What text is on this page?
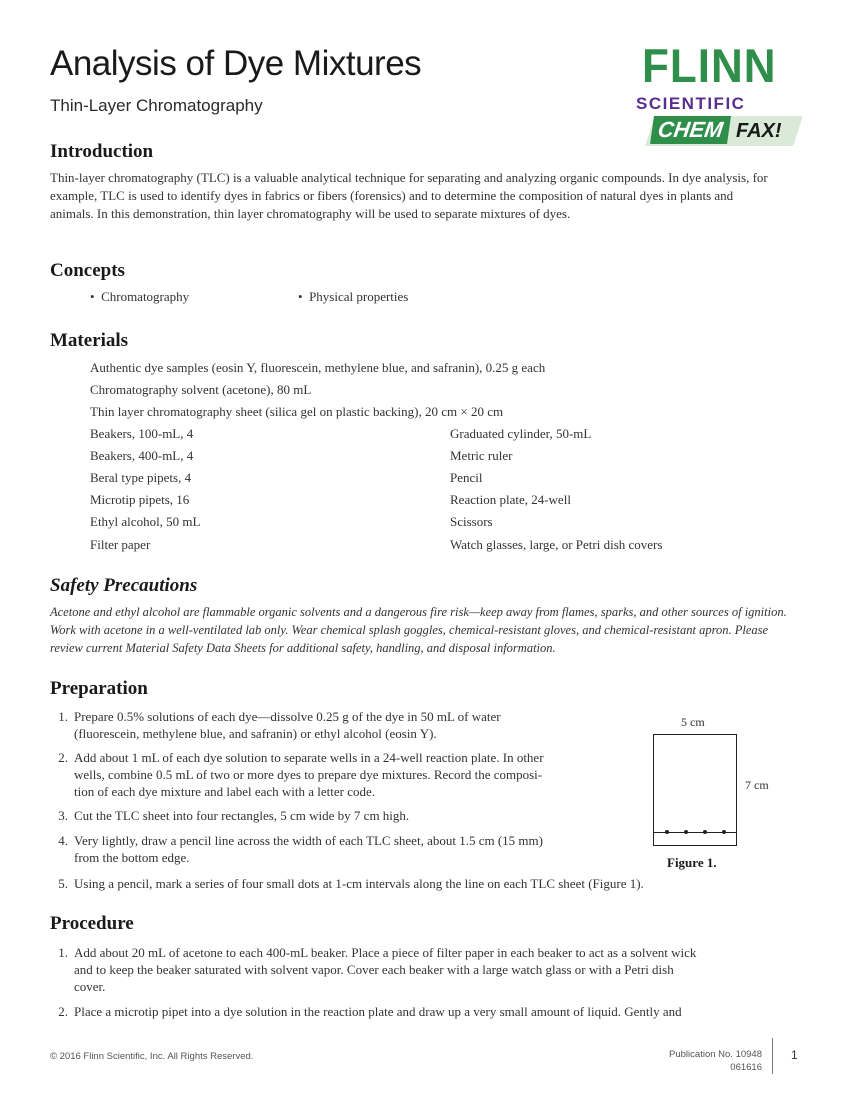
Analysis of Dye Mixtures
Thin-Layer Chromatography
FLINN
SCIENTIFIC
CHEM FAX!
Introduction
Thin-layer chromatography (TLC) is a valuable analytical technique for separating and analyzing organic compounds. In dye analysis, for example, TLC is used to identify dyes in fabrics or fibers (forensics) and to determine the composition of natural dyes in plants and animals. In this demonstration, thin layer chromatography will be used to separate mixtures of dyes.
Concepts
•  Chromatography	•  Physical properties
Materials
Authentic dye samples (eosin Y, fluorescein, methylene blue, and safranin), 0.25 g each
Chromatography solvent (acetone), 80 mL
Thin layer chromatography sheet (silica gel on plastic backing), 20 cm × 20 cm
Beakers, 100-mL, 4
Beakers, 400-mL, 4
Beral type pipets, 4
Microtip pipets, 16
Ethyl alcohol, 50 mL
Filter paper
Graduated cylinder, 50-mL
Metric ruler
Pencil
Reaction plate, 24-well
Scissors
Watch glasses, large, or Petri dish covers
Safety Precautions
Acetone and ethyl alcohol are flammable organic solvents and a dangerous fire risk—keep away from flames, sparks, and other sources of ignition. Work with acetone in a well-ventilated lab only. Wear chemical splash goggles, chemical-resistant gloves, and chemical-resistant apron. Please review current Material Safety Data Sheets for additional safety, handling, and disposal information.
Preparation
1. Prepare 0.5% solutions of each dye—dissolve 0.25 g of the dye in 50 mL of water
(fluorescein, methylene blue, and safranin) or ethyl alcohol (eosin Y).
2. Add about 1 mL of each dye solution to separate wells in a 24-well reaction plate. In other
wells, combine 0.5 mL of two or more dyes to prepare dye mixtures. Record the composi-
tion of each dye mixture and label each with a letter code.
3. Cut the TLC sheet into four rectangles, 5 cm wide by 7 cm high.
4. Very lightly, draw a pencil line across the width of each TLC sheet, about 1.5 cm (15 mm)
from the bottom edge.
5. Using a pencil, mark a series of four small dots at 1-cm intervals along the line on each TLC sheet (Figure 1).
5 cm
7 cm
Figure 1.
Procedure
1. Add about 20 mL of acetone to each 400-mL beaker. Place a piece of filter paper in each beaker to act as a solvent wick
and to keep the beaker saturated with solvent vapor. Cover each beaker with a large watch glass or with a Petri dish
cover.
2. Place a microtip pipet into a dye solution in the reaction plate and draw up a very small amount of liquid. Gently and
© 2016 Flinn Scientific, Inc. All Rights Reserved.	Publication No. 10948
061616
1
